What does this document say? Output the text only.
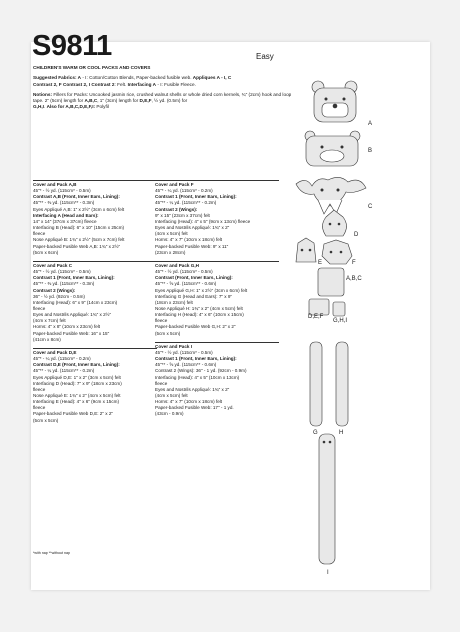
S9811	Easy

CHILDREN'S WARM OR COOL PACKS AND COVERS

Suggested Fabrics: A - I: Cotton/Cotton Blends, Paper-backed fusible web. Appliques A - I, C
Contrast 2, F Contrast 2, I Contrast 2: Felt. Interfacing A - I: Fusible Fleece.

Notions: Fillers for Packs: Uncooked jasmin rice, crushed walnut shells or whole dried corn kernels, ¾" (2cm) hook and loop tape. 2" (5cm) length for A,B,C, 1" (3cm) length for D,E,F, ½ yd. (0.5m) for
G,H,I. Also for A,B,C,D,E,F,I: Polyfil

Cover and Pack A,B
45"* - ½ yd. (115cm* - 0.5m)
Contrast A,B (Front, Inner Ears, Lining):
45"** - ⅜ yd. (115cm** - 0.3m)
Eyes Appliqué A,B: 1" x 2½" (3cm x 6cm) felt
Interfacing A (Head and Ears):
14" x 14" (37cm x 37cm) fleece
Interfacing B (Head): 6" x 10" (15cm x 25cm)
fleece
Nose Appliqué B: 1¾" x 2½" (5cm x 7cm) felt
Paper-backed Fusible Web A,B: 1¾" x 2½"
(5cm x 6cm)
Cover and Pack C
45"* - ½ yd. (115cm* - 0.5m)
Contrast 1 (Front, Inner Ears, Lining):
45"** - ⅜ yd. (115cm** - 0.3m)
Contrast 2 (Wings):
36" - ½ yd. (92cm - 0.5m)
Interfacing (Head): 6" x 9" (14cm x 23cm)
fleece
Eyes and Nostrils Appliqué: 1¾" x 2½"
(4cm x 7cm) felt
Horns: 4" x 8" (10cm x 23cm) felt
Paper-backed Fusible Web: 16" x 15"
(41cm x 8cm)
Cover and Pack D,E
45"* - ¼ yd. (115cm* - 0.2m)
Contrast D,E (Front, Inner Ears, Lining):
45"** - ¼ yd. (115cm** - 0.2m)
Eyes Appliqué D,E: 1" x 2" (3cm x 5cm) felt
Interfacing D (Head): 7" x 9" (18cm x 23cm)
fleece
Nose Appliqué E: 1¾" x 2" (4cm x 5cm) felt
Interfacing E (Head): 4" x 6" (9cm x 15cm)
fleece
Paper-backed Fusible Web D,E: 2" x 2"
(5cm x 5cm)
Cover and Pack F
45"* - ¼ yd. (115cm* - 0.2m)
Contrast 1 (Front, Inner Ears, Lining):
45"** - ¼ yd. (115cm** - 0.2m)
Contrast 2 (Wings):
9" x 15" (23cm x 37cm) felt
Interfacing (Head): 4" x 5" (9cm x 13cm) fleece
Eyes and Nostrils Appliqué: 1¾" x 2"
(4cm x 5cm) felt
Horns: 4" x 7" (10cm x 18cm) felt
Paper-backed Fusible Web: 9" x 11"
(23cm x 28cm)
Cover and Pack G,H
45"* - ½ yd. (115cm* - 0.5m)
Contrast (Front, Inner Ears, Lining):
45"** - ⅝ yd. (115cm** - 0.6m)
Eyes Appliqué G,H: 1" x 2½" (3cm x 6cm) felt
Interfacing G (Head and Ears): 7" x 9"
(18cm x 23cm) felt
Nose Appliqué H: 1¾" x 2" (4cm x 5cm) felt
Interfacing H (Head): 4" x 6" (10cm x 15cm)
fleece
Paper-backed Fusible Web G,H: 2" x 2"
(5cm x 5cm)
Cover and Pack I
45"* - ½ yd. (115cm* - 0.5m)
Contrast 1 (Front, Inner Ears, Lining):
45"** - ⅝ yd. (115cm** - 0.6m)
Contrast 2 (Wings): 36" - 1 yd. (92cm - 0.9m)
Interfacing (Head): 4" x 5" (10cm x 13cm)
fleece
Eyes and Nostrils Appliqué: 1¾" x 2"
(4cm x 5cm) felt
Horns: 4" x 7" (10cm x 18cm) felt
Paper-backed Fusible Web: 17" - 1 yd.
(43cm - 0.9m)
*with nap **without nap
A
B
C
D
E	F
A,B,C
D,E,F
G,H,I
G	H
I
